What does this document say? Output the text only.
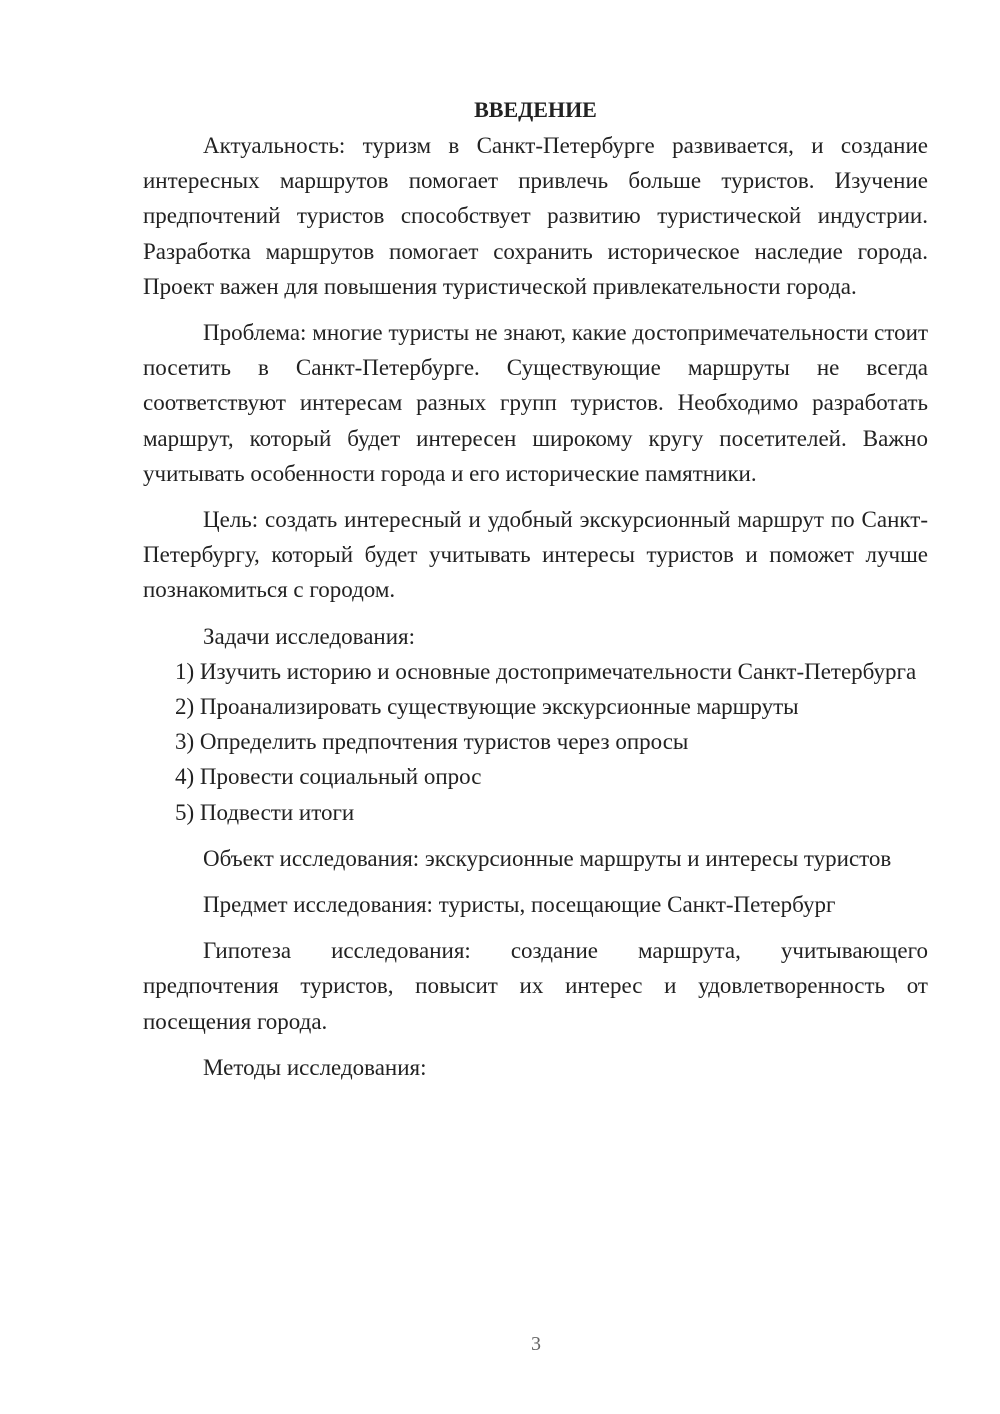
ВВЕДЕНИЕ

Актуальность: туризм в Санкт-Петербурге развивается, и создание интересных маршрутов помогает привлечь больше туристов. Изучение предпочтений туристов способствует развитию туристической индустрии. Разработка маршрутов помогает сохранить историческое наследие города. Проект важен для повышения туристической привлекательности города.

Проблема: многие туристы не знают, какие достопримечательности стоит посетить в Санкт-Петербурге. Существующие маршруты не всегда соответствуют интересам разных групп туристов. Необходимо разработать маршрут, который будет интересен широкому кругу посетителей. Важно учитывать особенности города и его исторические памятники.

Цель: создать интересный и удобный экскурсионный маршрут по Санкт-Петербургу, который будет учитывать интересы туристов и поможет лучше познакомиться с городом.

Задачи исследования:

1) Изучить историю и основные достопримечательности Санкт-Петербурга

2) Проанализировать существующие экскурсионные маршруты

3) Определить предпочтения туристов через опросы

4) Провести социальный опрос

5) Подвести итоги

Объект исследования: экскурсионные маршруты и интересы туристов

Предмет исследования: туристы, посещающие Санкт-Петербург

Гипотеза исследования: создание маршрута, учитывающего предпочтения туристов, повысит их интерес и удовлетворенность от посещения города.

Методы исследования:

3
